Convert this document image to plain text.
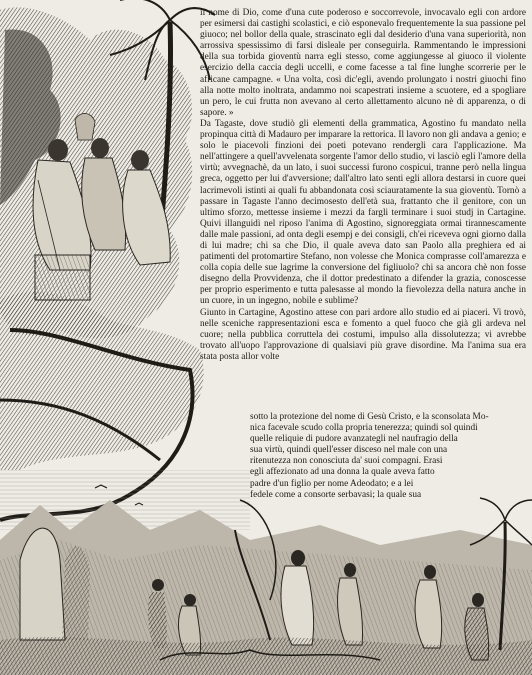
il nome di Dio, come d'una cute poderoso e soccorrevole, invocavalo egli con ardore per esimersi dai castighi scolastici, e ciò esponevalo frequentemente la sua passione pel giuoco; nel bollor della quale, strascinato egli dal desiderio d'una vana superiorità, non arrossiva spessissimo di farsi disleale per conseguirla. Rammentando le impressioni della sua torbida gioventù narra egli stesso, come aggiungesse al giuoco il violente esercizio della caccia degli uccelli, e come facesse a tal fine lunghe scorrerie per le africane campagne. « Una volta, così dic'egli, avendo prolungato i nostri giuochi fino alla notte molto inoltrata, andammo noi scapestrati insieme a scuotere, ed a spogliare un pero, le cui frutta non avevano al certo allettamento alcuno nè di apparenza, o di sapore. »

Da Tagaste, dove studiò gli elementi della grammatica, Agostino fu mandato nella propinqua città di Madauro per imparare la rettorica. Il lavoro non gli andava a genio; e solo le piacevoli finzioni dei poeti potevano rendergli cara l'applicazione. Ma nell'attingere a quell'avvelenata sorgente l'amor dello studio, vi lasciò egli l'amore della virtù; avvegnachè, da un lato, i suoi successi furono cospicui, tranne però nella lingua greca, oggetto per lui d'avversione; dall'altro lato senti egli allora destarsi in cuore quei lacrimevoli istinti ai quali fu abbandonata così sciauratamente la sua gioventù. Tornò a passare in Tagaste l'anno decimosesto dell'età sua, frattanto che il genitore, con un ultimo sforzo, mettesse insieme i mezzi da fargli terminare i suoi studj in Cartagine. Quivi illanguidì nel riposo l'anima di Agostino, signoreggiata ormai tirannescamente dalle male passioni, ad onta degli esempj e dei consigli, ch'ei riceveva ogni giorno dalla di lui madre; chi sa che Dio, il quale aveva dato san Paolo alla preghiera ed ai patimenti del protomartire Stefano, non volesse che Monica comprasse coll'amarezza e colla copia delle sue lagrime la conversione del figliuolo? chi sa ancora chè non fosse disegno della Provvidenza, che il dottor predestinato a difender la grazia, conoscesse per proprio esperimento e tutta palesasse al mondo la fievolezza della natura anche in un cuore, in un ingegno, nobile e sublime?

Giunto in Cartagine, Agostino attese con pari ardore allo studio ed ai piaceri. Vi trovò, nelle sceniche rappresentazioni esca e fomento a quel fuoco che già gli ardeva nel cuore; nella pubblica corruttela dei costumi, impulso alla dissolutezza; vi avrebbe trovato all'uopo l'approvazione di qualsiavi più grave disordine. Ma l'anima sua era stata posta allor volte

sotto la protezione del nome di Gesù Cristo, e la sconsolata Mo-
nica facevale scudo colla propria tenerezza; quindi sol quindi
quelle reliquie di pudore avanzategli nel naufragio della
sua virtù, quindi quell'esser disceso nel male con una
ritenutezza non conosciuta da' suoi compagni. Erasi
egli affezionato ad una donna la quale aveva fatto
padre d'un figlio per nome Adeodato; e a lei
fedele come a consorte serbavasi; la quale sua
